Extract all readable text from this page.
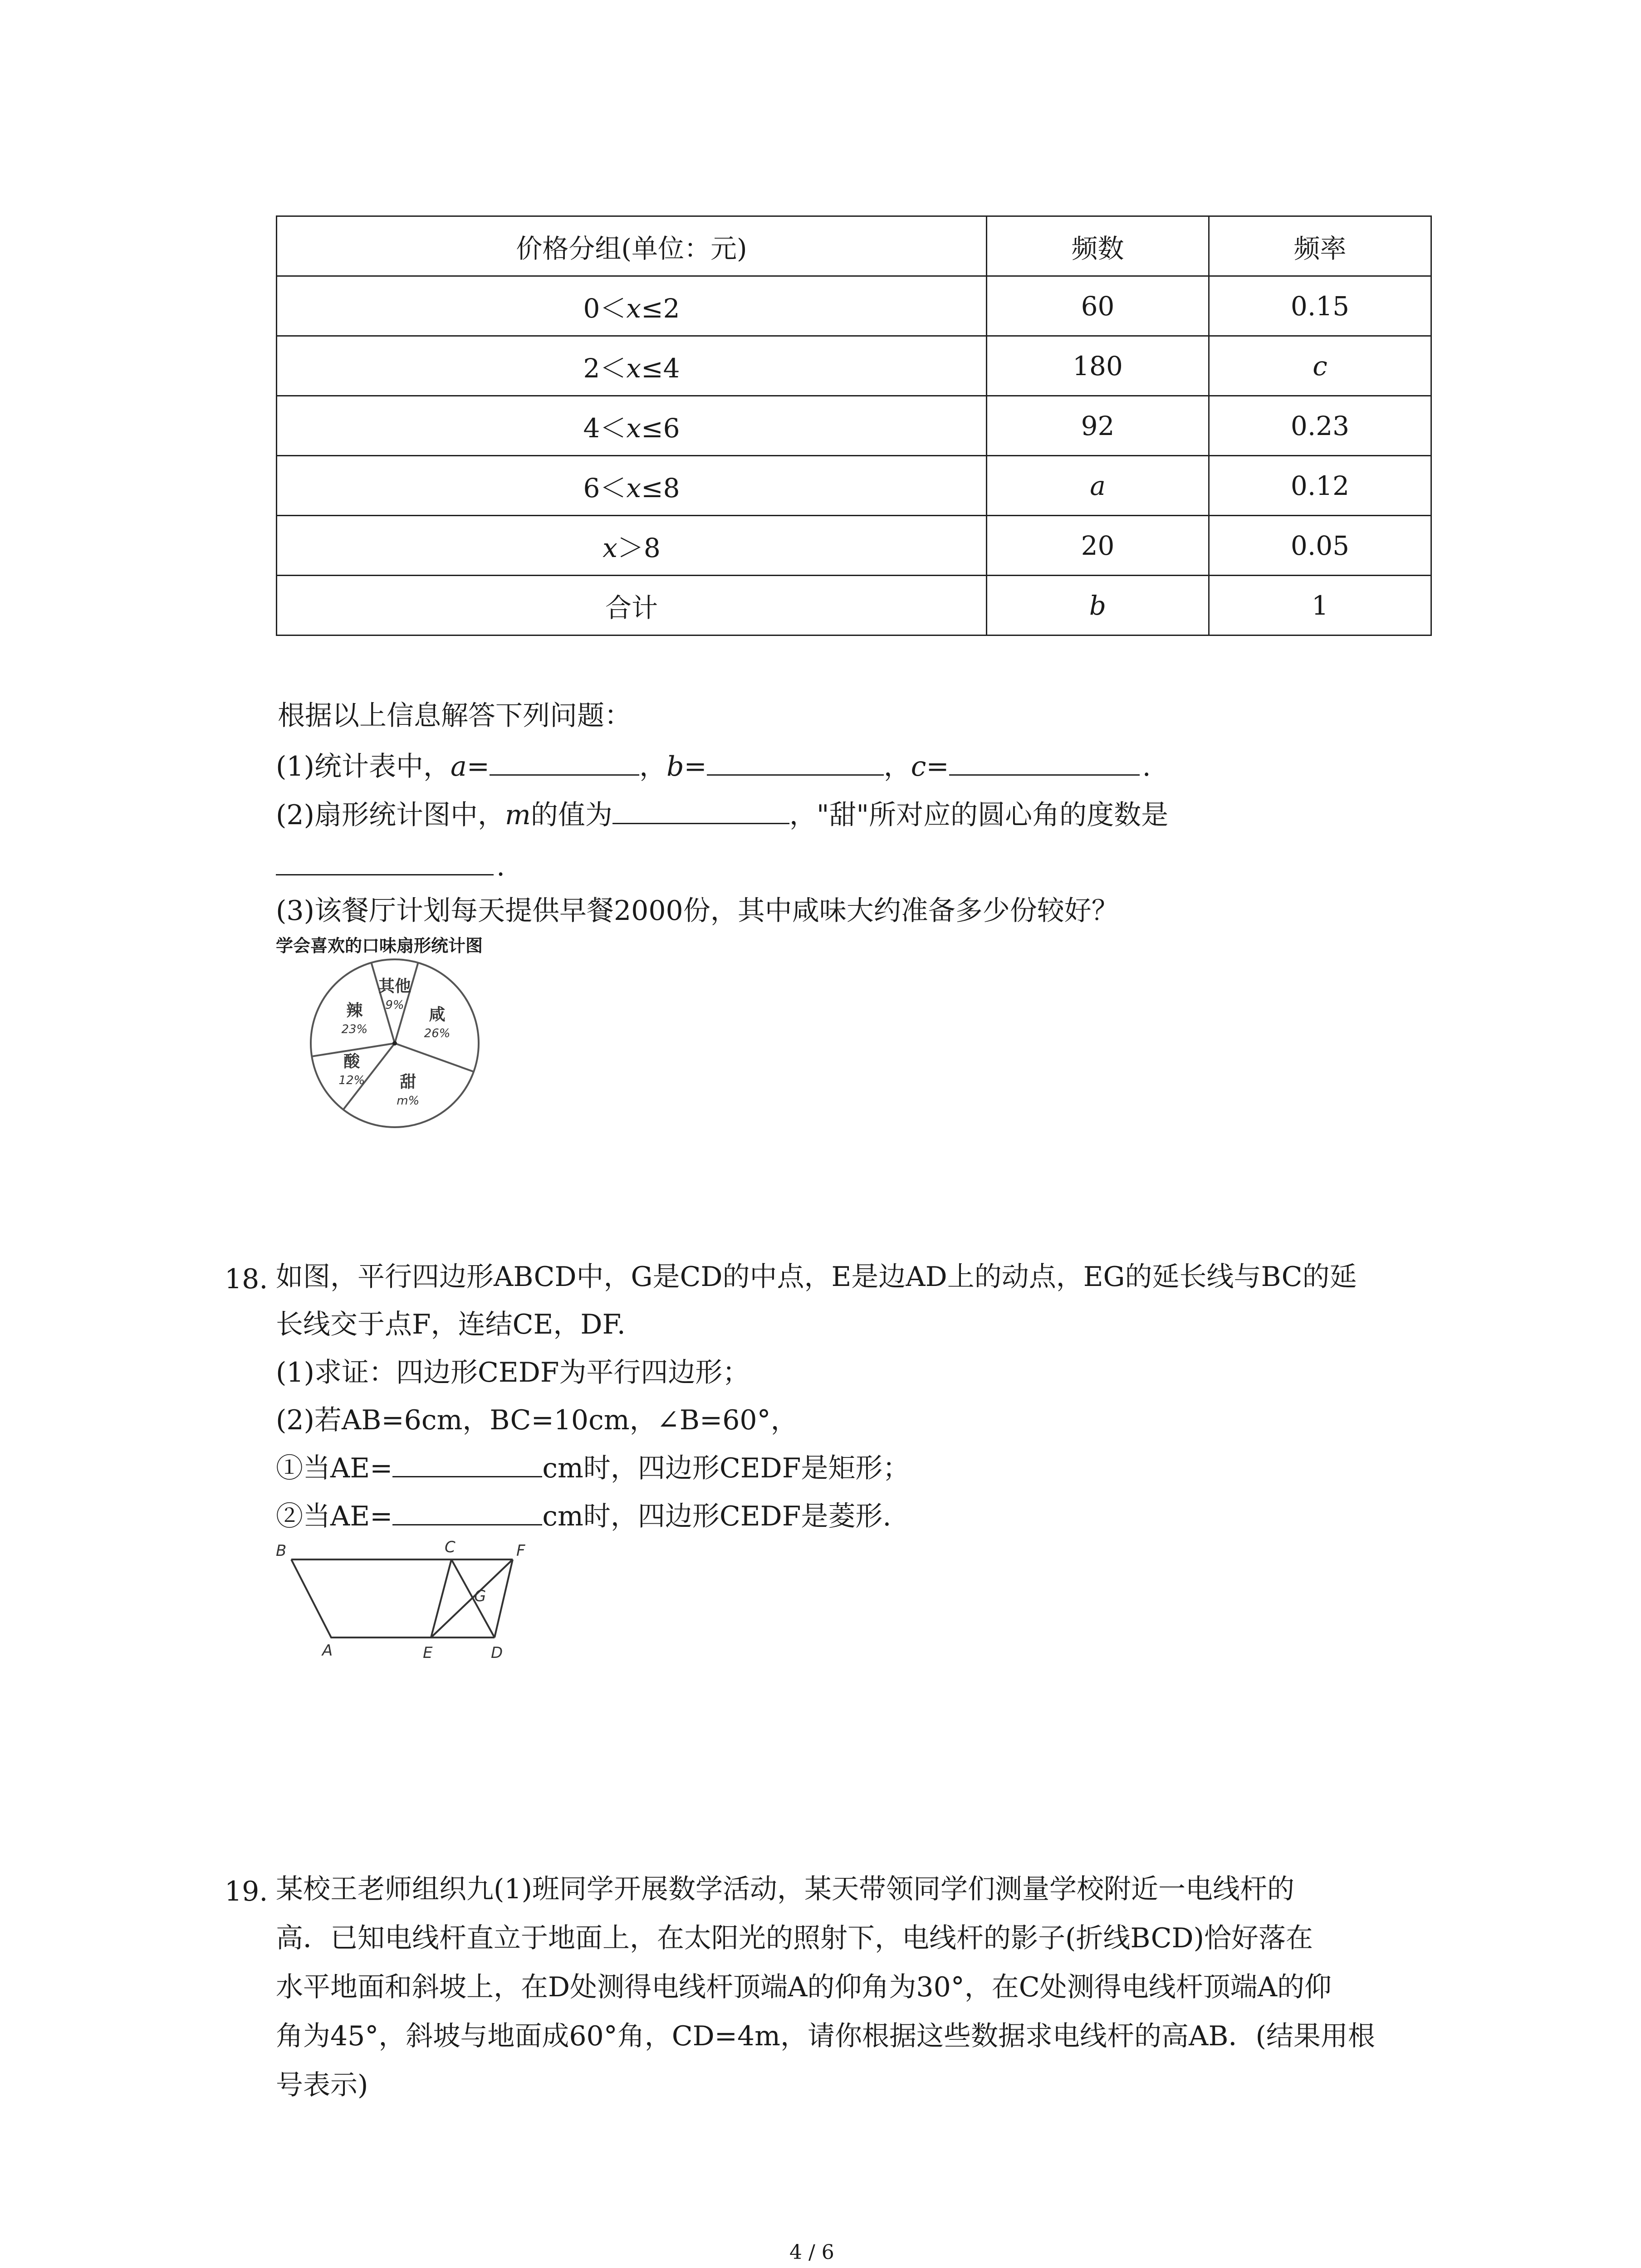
价格分组(单位：元)	频数	频率
0＜x≤2	60	0.15
2＜x≤4	180	c
4＜x≤6	92	0.23
6＜x≤8	a	0.12
x＞8	20	0.05
合计	b	1
根据以上信息解答下列问题：
(1)统计表中，a=	，b=	，c=	.
(2)扇形统计图中，m的值为	，"甜"所对应的圆心角的度数是
.
(3)该餐厅计划每天提供早餐2000份，其中咸味大约准备多少份较好？
学会喜欢的口味扇形统计图
其他
9%
咸
26%
甜
m%
酸
12%
辣
23%
18. 如图，平行四边形ABCD中，G是CD的中点，E是边AD上的动点，EG的延长线与BC的延
长线交于点F，连结CE，DF.
(1)求证：四边形CEDF为平行四边形；
(2)若AB=6cm，BC=10cm，∠B=60°，
①当AE=	cm时，四边形CEDF是矩形；
②当AE=	cm时，四边形CEDF是菱形.
B	C	F
G
A	E	D
19. 某校王老师组织九(1)班同学开展数学活动，某天带领同学们测量学校附近一电线杆的
高．已知电线杆直立于地面上，在太阳光的照射下，电线杆的影子(折线BCD)恰好落在
水平地面和斜坡上，在D处测得电线杆顶端A的仰角为30°，在C处测得电线杆顶端A的仰
角为45°，斜坡与地面成60°角，CD=4m，请你根据这些数据求电线杆的高AB．(结果用根
号表示)
4 / 6
